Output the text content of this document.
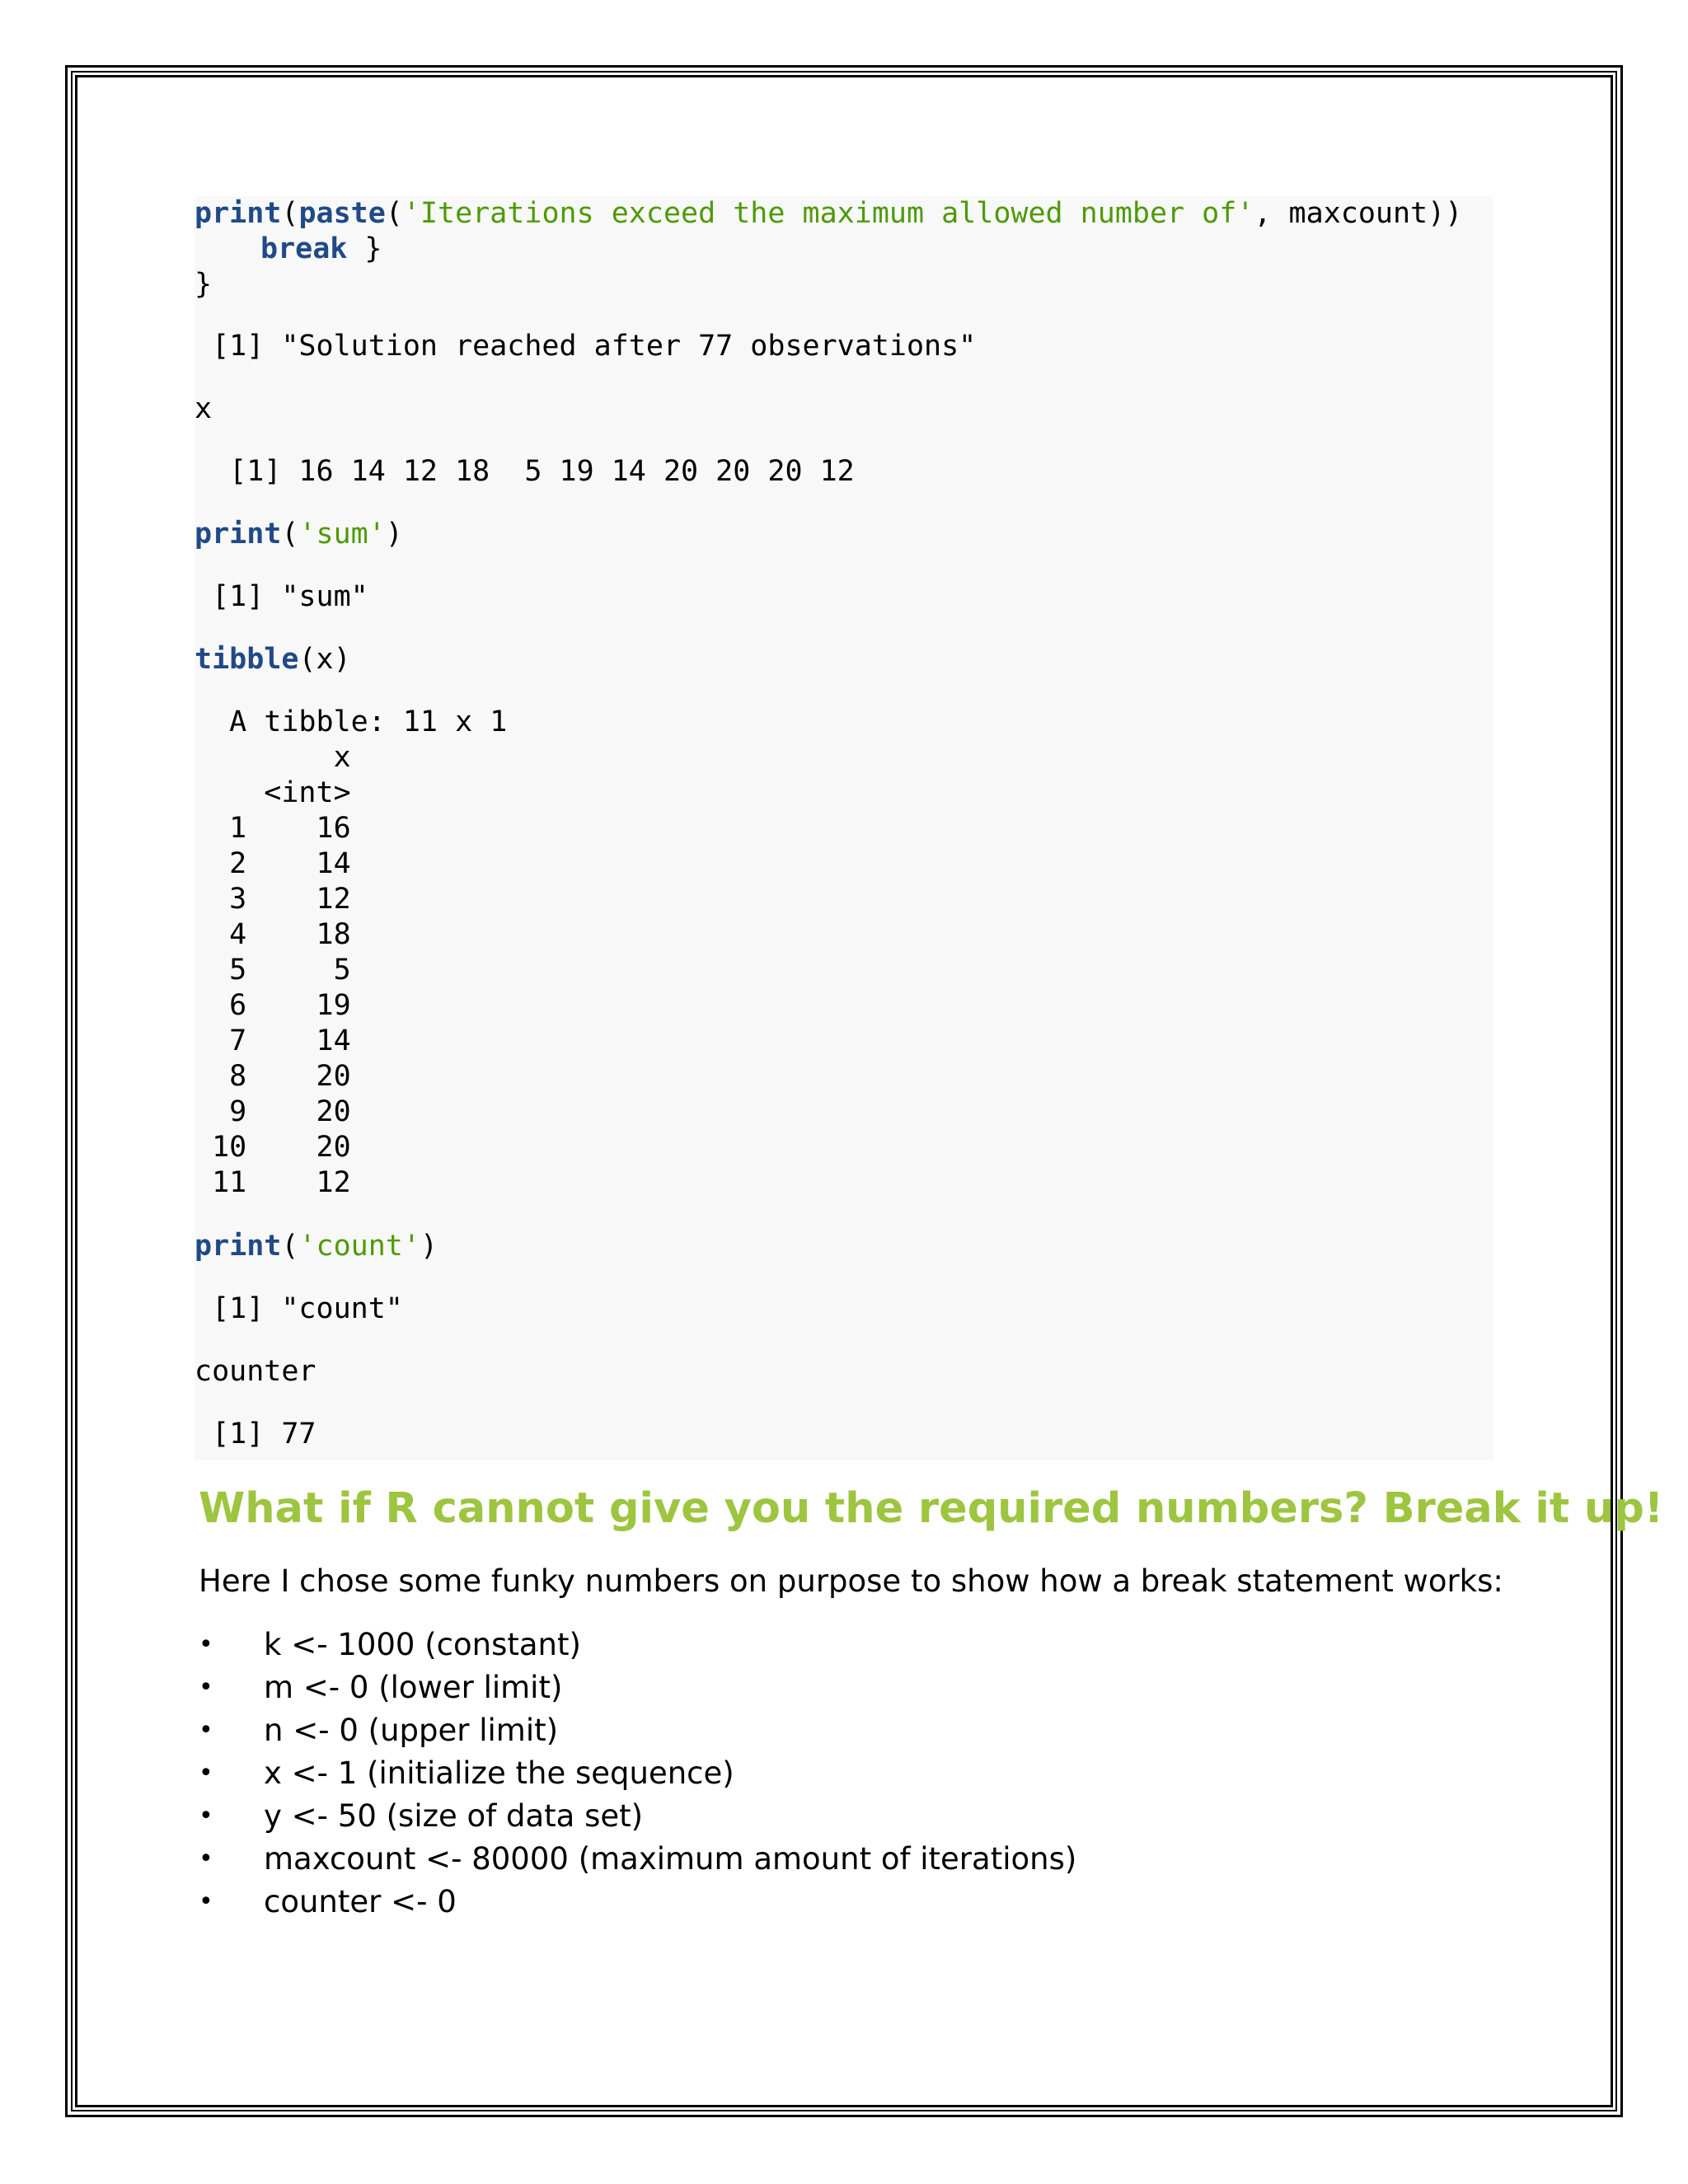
print(paste('Iterations exceed the maximum allowed number of', maxcount))
break }
}
[1] "Solution reached after 77 observations"
x
[1] 16 14 12 18  5 19 14 20 20 20 12
print('sum')
[1] "sum"
tibble(x)
A tibble: 11 x 1
x
<int>
1    16
2    14
3    12
4    18
5     5
6    19
7    14
8    20
9    20
10    20
11    12
print('count')
[1] "count"
counter
[1] 77
What if R cannot give you the required numbers? Break it up!

Here I chose some funky numbers on purpose to show how a break statement works:

•	k <- 1000 (constant)
•	m <- 0 (lower limit)
•	n <- 0 (upper limit)
•	x <- 1 (initialize the sequence)
•	y <- 50 (size of data set)
•	maxcount <- 80000 (maximum amount of iterations)
•	counter <- 0
